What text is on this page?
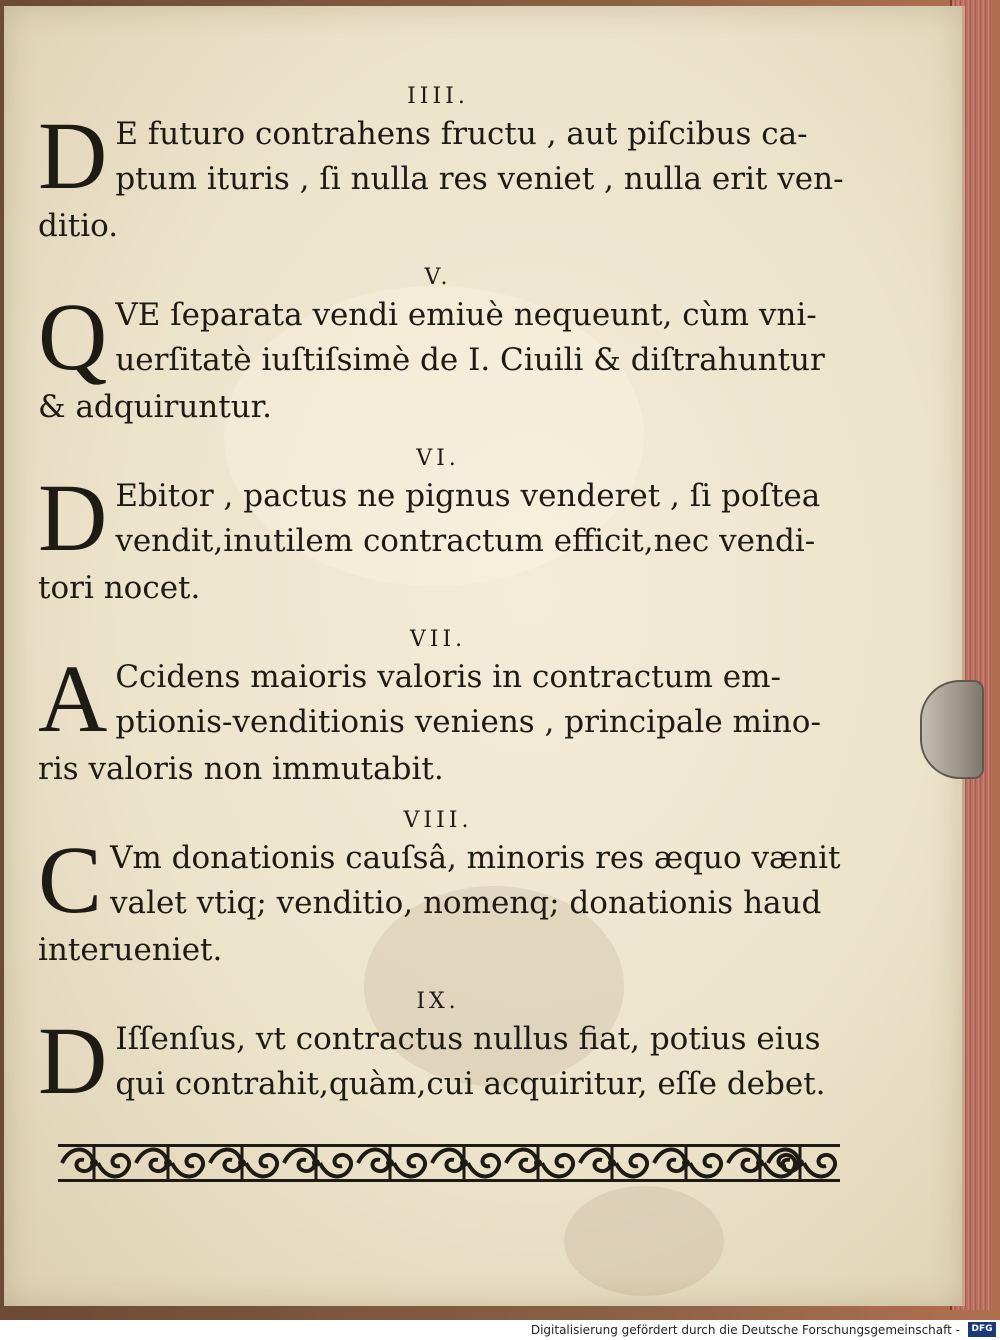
IIII.

D E futuro contrahens fructu , aut piſcibus ca-
ptum ituris , ſi nulla res veniet , nulla erit ven-
ditio.

V.

Q VE ſeparata vendi emiuè nequeunt, cùm vni-
uerſitatè iuſtiſsimè de I. Ciuili & diſtrahuntur
& adquiruntur.

VI.

D Ebitor , pactus ne pignus venderet , ſi poſtea
vendit,inutilem contractum efficit,nec vendi-
tori nocet.

VII.

A Ccidens maioris valoris in contractum em-
ptionis-venditionis veniens , principale mino-
ris valoris non immutabit.

VIII.

C Vm donationis cauſsâ, minoris res æquo vænit
valet vtiq; venditio, nomenq; donationis haud
interueniet.

IX.

D Iſſenſus, vt contractus nullus fiat, potius eius
qui contrahit,quàm,cui acquiritur, eſſe debet.
Digitalisierung gefördert durch die Deutsche Forschungsgemeinschaft -	DFG
